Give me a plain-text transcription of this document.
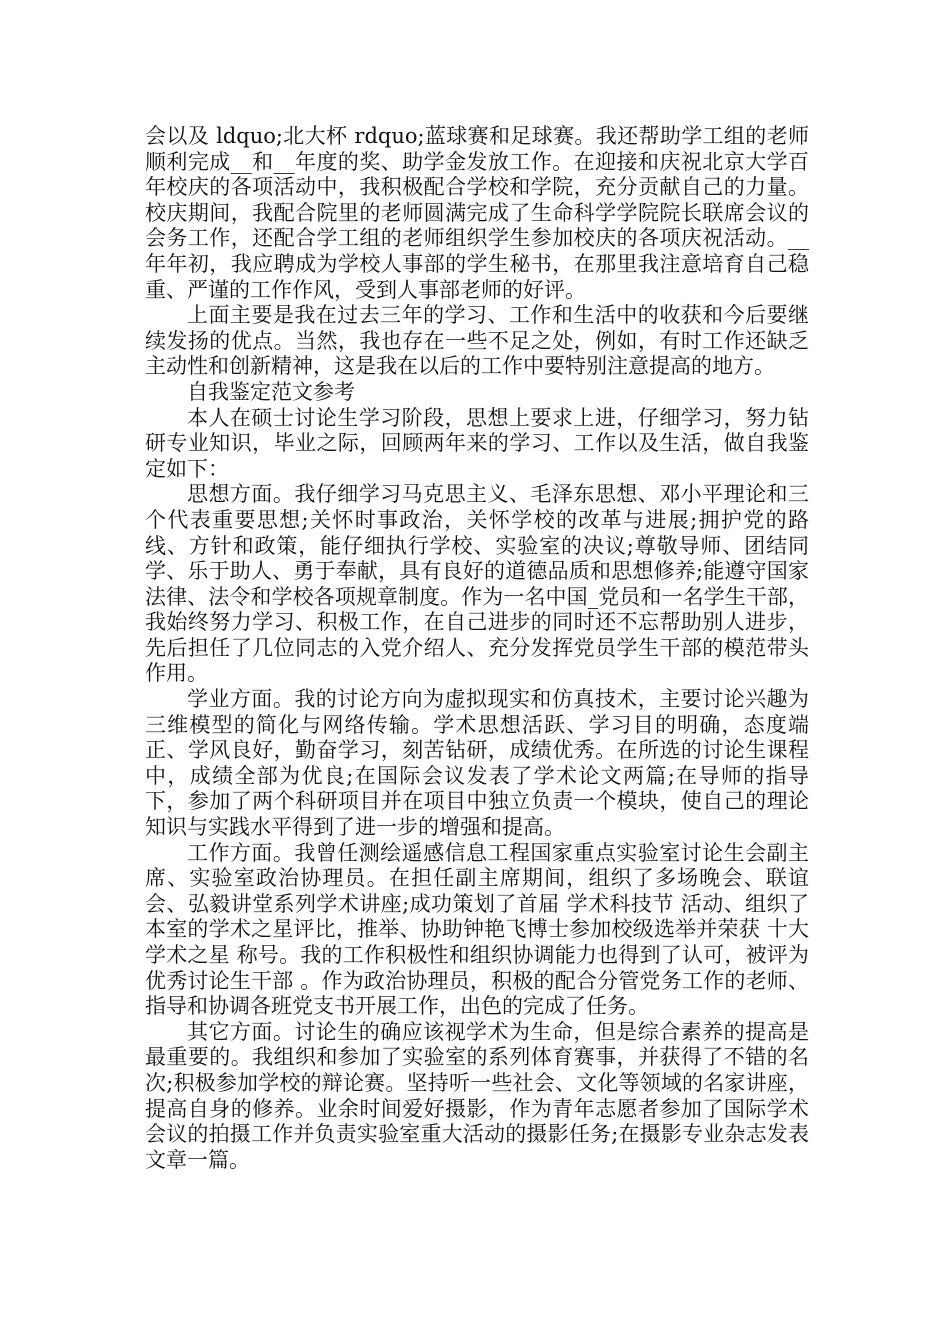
会以及 ldquo;北大杯 rdquo;蓝球赛和足球赛。我还帮助学工组的老师顺利完成__和__年度的奖、助学金发放工作。在迎接和庆祝北京大学百年校庆的各项活动中，我积极配合学校和学院，充分贡献自己的力量。校庆期间，我配合院里的老师圆满完成了生命科学学院院长联席会议的会务工作，还配合学工组的老师组织学生参加校庆的各项庆祝活动。__年年初，我应聘成为学校人事部的学生秘书，在那里我注意培育自己稳重、严谨的工作作风，受到人事部老师的好评。

上面主要是我在过去三年的学习、工作和生活中的收获和今后要继续发扬的优点。当然，我也存在一些不足之处，例如，有时工作还缺乏主动性和创新精神，这是我在以后的工作中要特别注意提高的地方。

自我鉴定范文参考

本人在硕士讨论生学习阶段，思想上要求上进，仔细学习，努力钻研专业知识，毕业之际，回顾两年来的学习、工作以及生活，做自我鉴定如下：

思想方面。我仔细学习马克思主义、毛泽东思想、邓小平理论和三个代表重要思想;关怀时事政治，关怀学校的改革与进展;拥护党的路线、方针和政策，能仔细执行学校、实验室的决议;尊敬导师、团结同学、乐于助人、勇于奉献，具有良好的道德品质和思想修养;能遵守国家法律、法令和学校各项规章制度。作为一名中国_党员和一名学生干部，我始终努力学习、积极工作，在自己进步的同时还不忘帮助别人进步，先后担任了几位同志的入党介绍人、充分发挥党员学生干部的模范带头作用。

学业方面。我的讨论方向为虚拟现实和仿真技术，主要讨论兴趣为三维模型的简化与网络传输。学术思想活跃、学习目的明确，态度端正、学风良好，勤奋学习，刻苦钻研，成绩优秀。在所选的讨论生课程中，成绩全部为优良;在国际会议发表了学术论文两篇;在导师的指导下，参加了两个科研项目并在项目中独立负责一个模块，使自己的理论知识与实践水平得到了进一步的增强和提高。

工作方面。我曾任测绘遥感信息工程国家重点实验室讨论生会副主席、实验室政治协理员。在担任副主席期间，组织了多场晚会、联谊会、弘毅讲堂系列学术讲座;成功策划了首届 学术科技节 活动、组织了本室的学术之星评比，推举、协助钟艳飞博士参加校级选举并荣获 十大学术之星 称号。我的工作积极性和组织协调能力也得到了认可，被评为 优秀讨论生干部 。作为政治协理员，积极的配合分管党务工作的老师、指导和协调各班党支书开展工作，出色的完成了任务。

其它方面。讨论生的确应该视学术为生命，但是综合素养的提高是最重要的。我组织和参加了实验室的系列体育赛事，并获得了不错的名次;积极参加学校的辩论赛。坚持听一些社会、文化等领域的名家讲座，提高自身的修养。业余时间爱好摄影，作为青年志愿者参加了国际学术会议的拍摄工作并负责实验室重大活动的摄影任务;在摄影专业杂志发表文章一篇。
